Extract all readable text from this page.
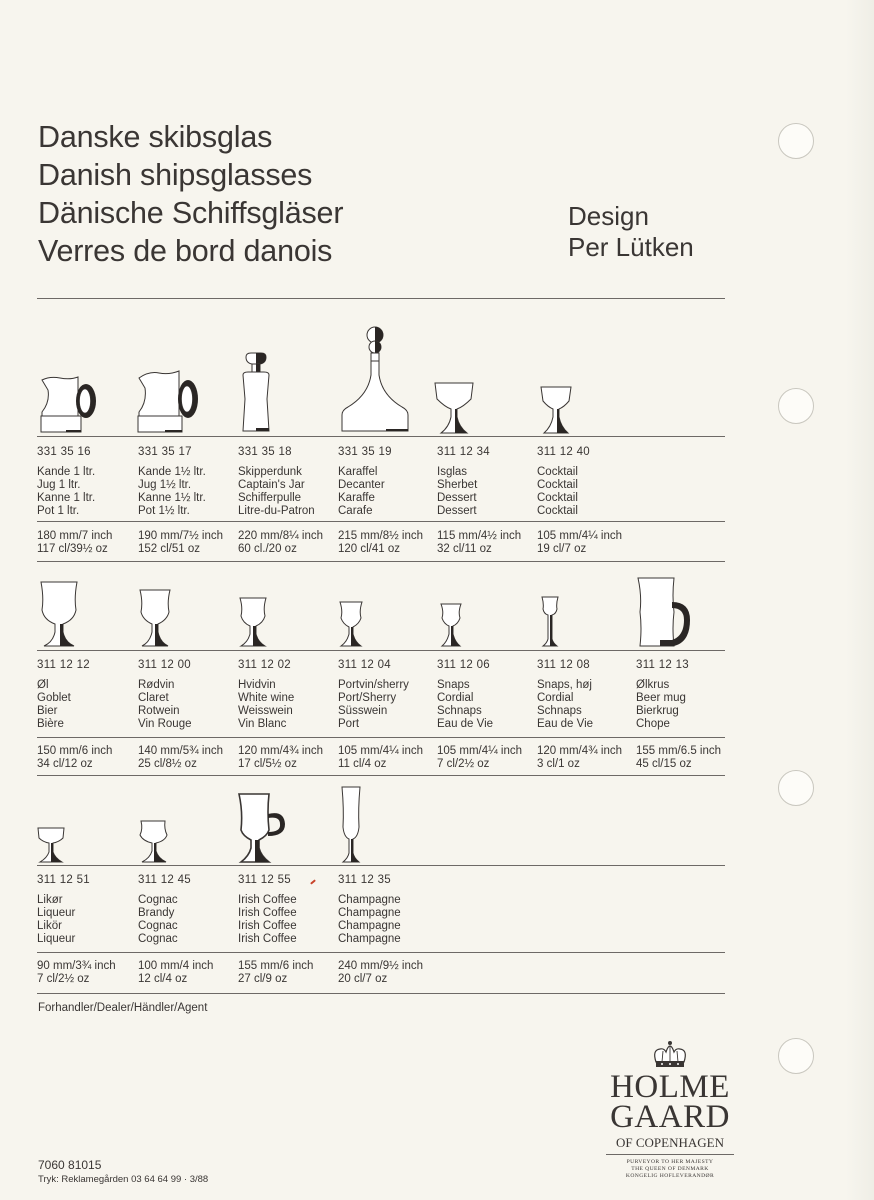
Danske skibsglas
Danish shipsglasses
Dänische Schiffsgläser
Verres de bord danois
Design
Per Lütken
331 35 16
Kande 1 ltr.
Jug 1 ltr.
Kanne 1 ltr.
Pot 1 ltr.
331 35 17
Kande 1½ ltr.
Jug 1½ ltr.
Kanne 1½ ltr.
Pot 1½ ltr.
331 35 18
Skipperdunk
Captain's Jar
Schifferpulle
Litre-du-Patron
331 35 19
Karaffel
Decanter
Karaffe
Carafe
311 12 34
Isglas
Sherbet
Dessert
Dessert
311 12 40
Cocktail
Cocktail
Cocktail
Cocktail
180 mm/7 inch
117 cl/39½ oz
190 mm/7½ inch
152 cl/51 oz
220 mm/8¼ inch
60 cl./20 oz
215 mm/8½ inch
120 cl/41 oz
115 mm/4½ inch
32 cl/11 oz
105 mm/4¼ inch
19 cl/7 oz
311 12 12
Øl
Goblet
Bier
Bière
311 12 00
Rødvin
Claret
Rotwein
Vin Rouge
311 12 02
Hvidvin
White wine
Weisswein
Vin Blanc
311 12 04
Portvin/sherry
Port/Sherry
Süsswein
Port
311 12 06
Snaps
Cordial
Schnaps
Eau de Vie
311 12 08
Snaps, høj
Cordial
Schnaps
Eau de Vie
311 12 13
Ølkrus
Beer mug
Bierkrug
Chope
150 mm/6 inch
34 cl/12 oz
140 mm/5¾ inch
25 cl/8½ oz
120 mm/4¾ inch
17 cl/5½ oz
105 mm/4¼ inch
11 cl/4 oz
105 mm/4¼ inch
7 cl/2½ oz
120 mm/4¾ inch
3 cl/1 oz
155 mm/6.5 inch
45 cl/15 oz
311 12 51
Likør
Liqueur
Likör
Liqueur
311 12 45
Cognac
Brandy
Cognac
Cognac
311 12 55
Irish Coffee
Irish Coffee
Irish Coffee
Irish Coffee
311 12 35
Champagne
Champagne
Champagne
Champagne
90 mm/3¾ inch
7 cl/2½ oz
100 mm/4 inch
12 cl/4 oz
155 mm/6 inch
27 cl/9 oz
240 mm/9½ inch
20 cl/7 oz
Forhandler/Dealer/Händler/Agent
HOLME
GAARD
OF COPENHAGEN
PURVEYOR TO HER MAJESTY
THE QUEEN OF DENMARK
KONGELIG HOFLEVERANDØR
7060 81015
Tryk: Reklamegården 03 64 64 99 · 3/88
